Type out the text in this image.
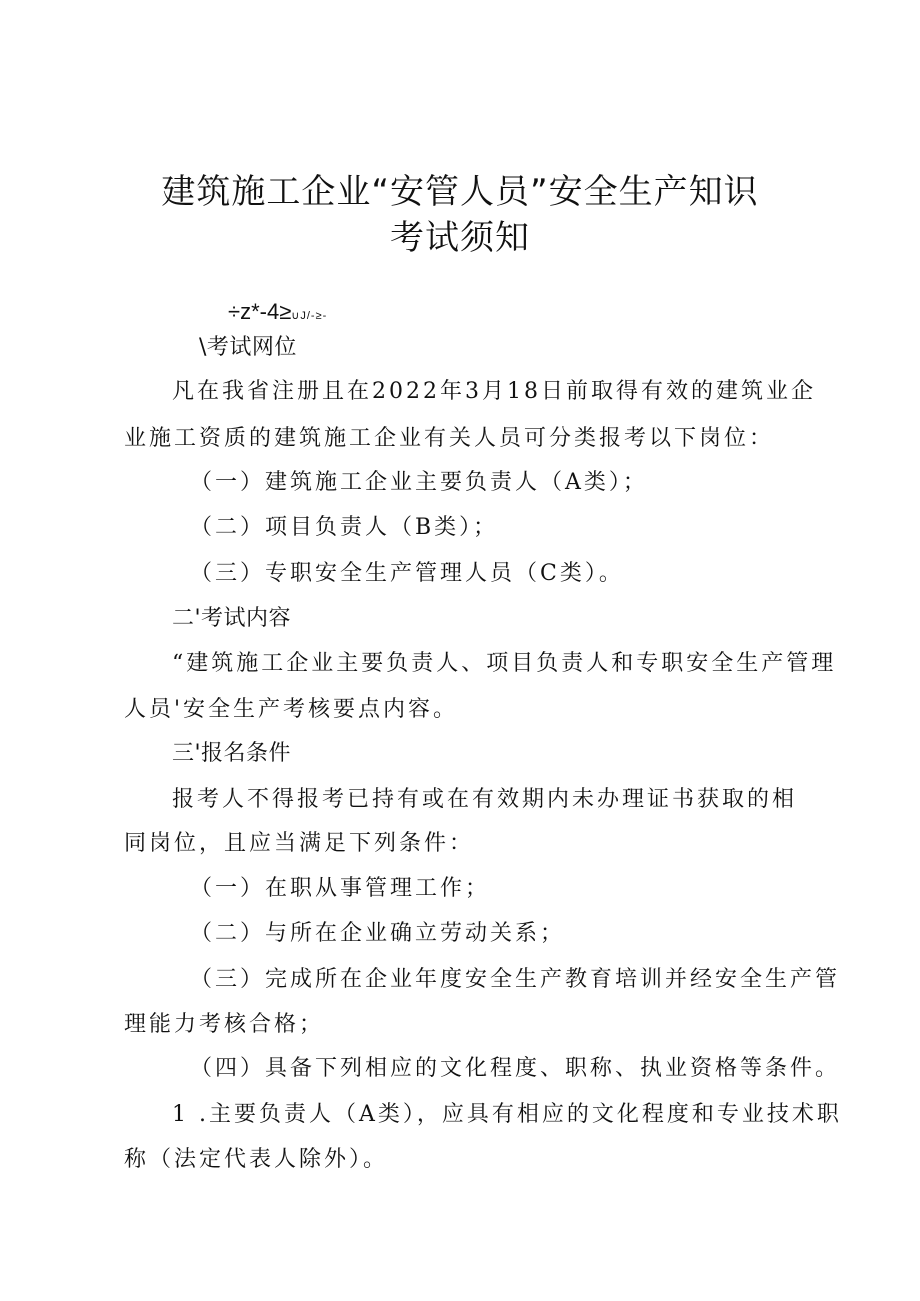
建筑施工企业“安管人员”安全生产知识
考试须知
÷z*-4≥∪J/-≥-
\考试网位
凡在我省注册且在2022年3月18日前取得有效的建筑业企
业施工资质的建筑施工企业有关人员可分类报考以下岗位：
（一）建筑施工企业主要负责人（A类）；
（二）项目负责人（B类）；
（三）专职安全生产管理人员（C类）。
二'考试内容
“建筑施工企业主要负责人、项目负责人和专职安全生产管理
人员'安全生产考核要点内容。
三'报名条件
报考人不得报考已持有或在有效期内未办理证书获取的相
同岗位，且应当满足下列条件：
（一）在职从事管理工作；
（二）与所在企业确立劳动关系；
（三）完成所在企业年度安全生产教育培训并经安全生产管
理能力考核合格；
（四）具备下列相应的文化程度、职称、执业资格等条件。
1 .主要负责人（A类），应具有相应的文化程度和专业技术职
称（法定代表人除外）。
